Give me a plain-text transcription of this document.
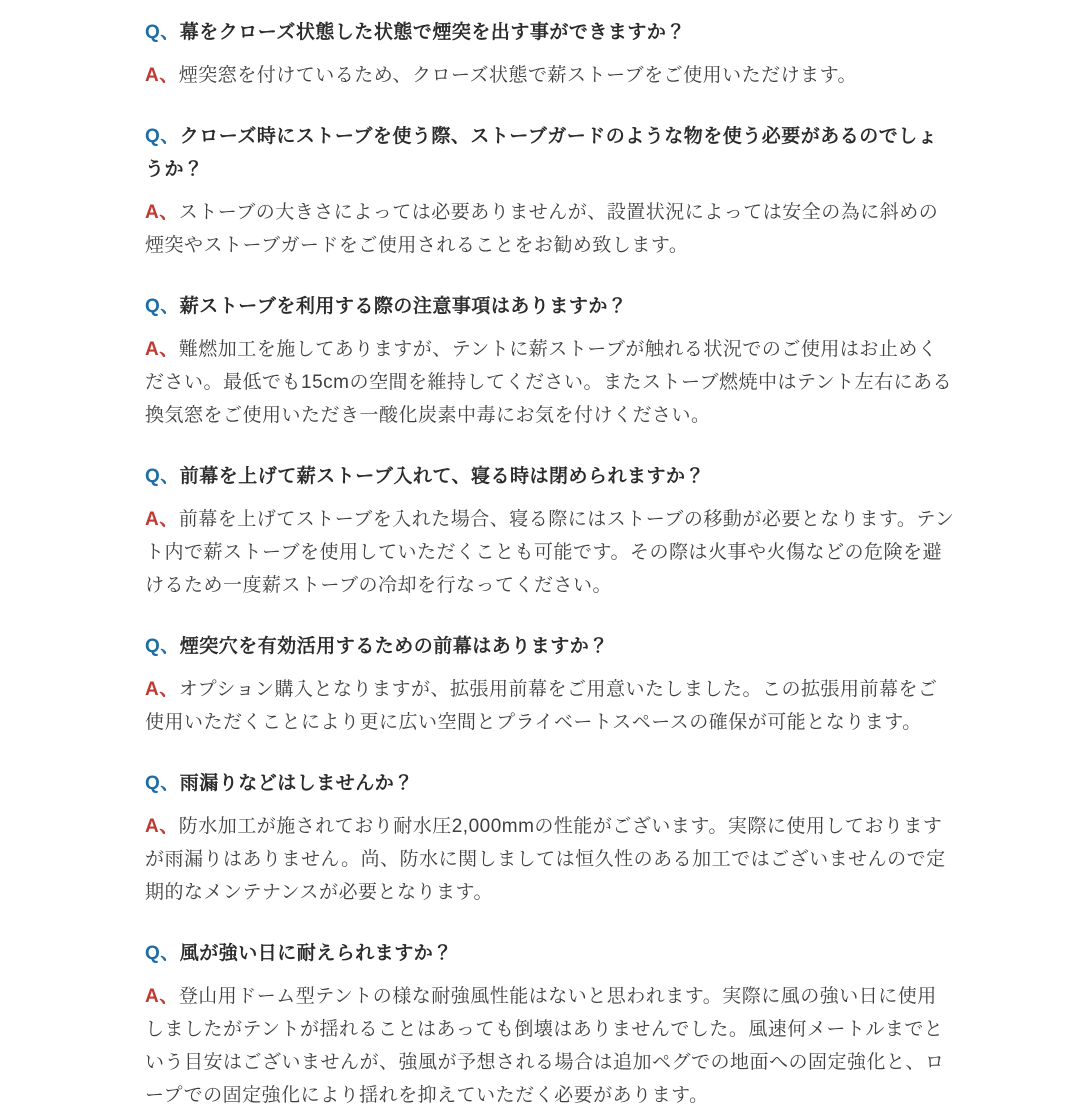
Q、幕をクローズ状態した状態で煙突を出す事ができますか？

A、煙突窓を付けているため、クローズ状態で薪ストーブをご使用いただけます。

Q、クローズ時にストーブを使う際、ストーブガードのような物を使う必要があるのでしょうか？

A、ストーブの大きさによっては必要ありませんが、設置状況によっては安全の為に斜めの煙突やストーブガードをご使用されることをお勧め致します。

Q、薪ストーブを利用する際の注意事項はありますか？

A、難燃加工を施してありますが、テントに薪ストーブが触れる状況でのご使用はお止めください。最低でも15cmの空間を維持してください。またストーブ燃焼中はテント左右にある換気窓をご使用いただき一酸化炭素中毒にお気を付けください。

Q、前幕を上げて薪ストーブ入れて、寝る時は閉められますか？

A、前幕を上げてストーブを入れた場合、寝る際にはストーブの移動が必要となります。テント内で薪ストーブを使用していただくことも可能です。その際は火事や火傷などの危険を避けるため一度薪ストーブの冷却を行なってください。

Q、煙突穴を有効活用するための前幕はありますか？

A、オプション購入となりますが、拡張用前幕をご用意いたしました。この拡張用前幕をご使用いただくことにより更に広い空間とプライベートスペースの確保が可能となります。

Q、雨漏りなどはしませんか？

A、防水加工が施されており耐水圧2,000mmの性能がございます。実際に使用しておりますが雨漏りはありません。尚、防水に関しましては恒久性のある加工ではございませんので定期的なメンテナンスが必要となります。

Q、風が強い日に耐えられますか？

A、登山用ドーム型テントの様な耐強風性能はないと思われます。実際に風の強い日に使用しましたがテントが揺れることはあっても倒壊はありませんでした。風速何メートルまでという目安はございませんが、強風が予想される場合は追加ペグでの地面への固定強化と、ロープでの固定強化により揺れを抑えていただく必要があります。
